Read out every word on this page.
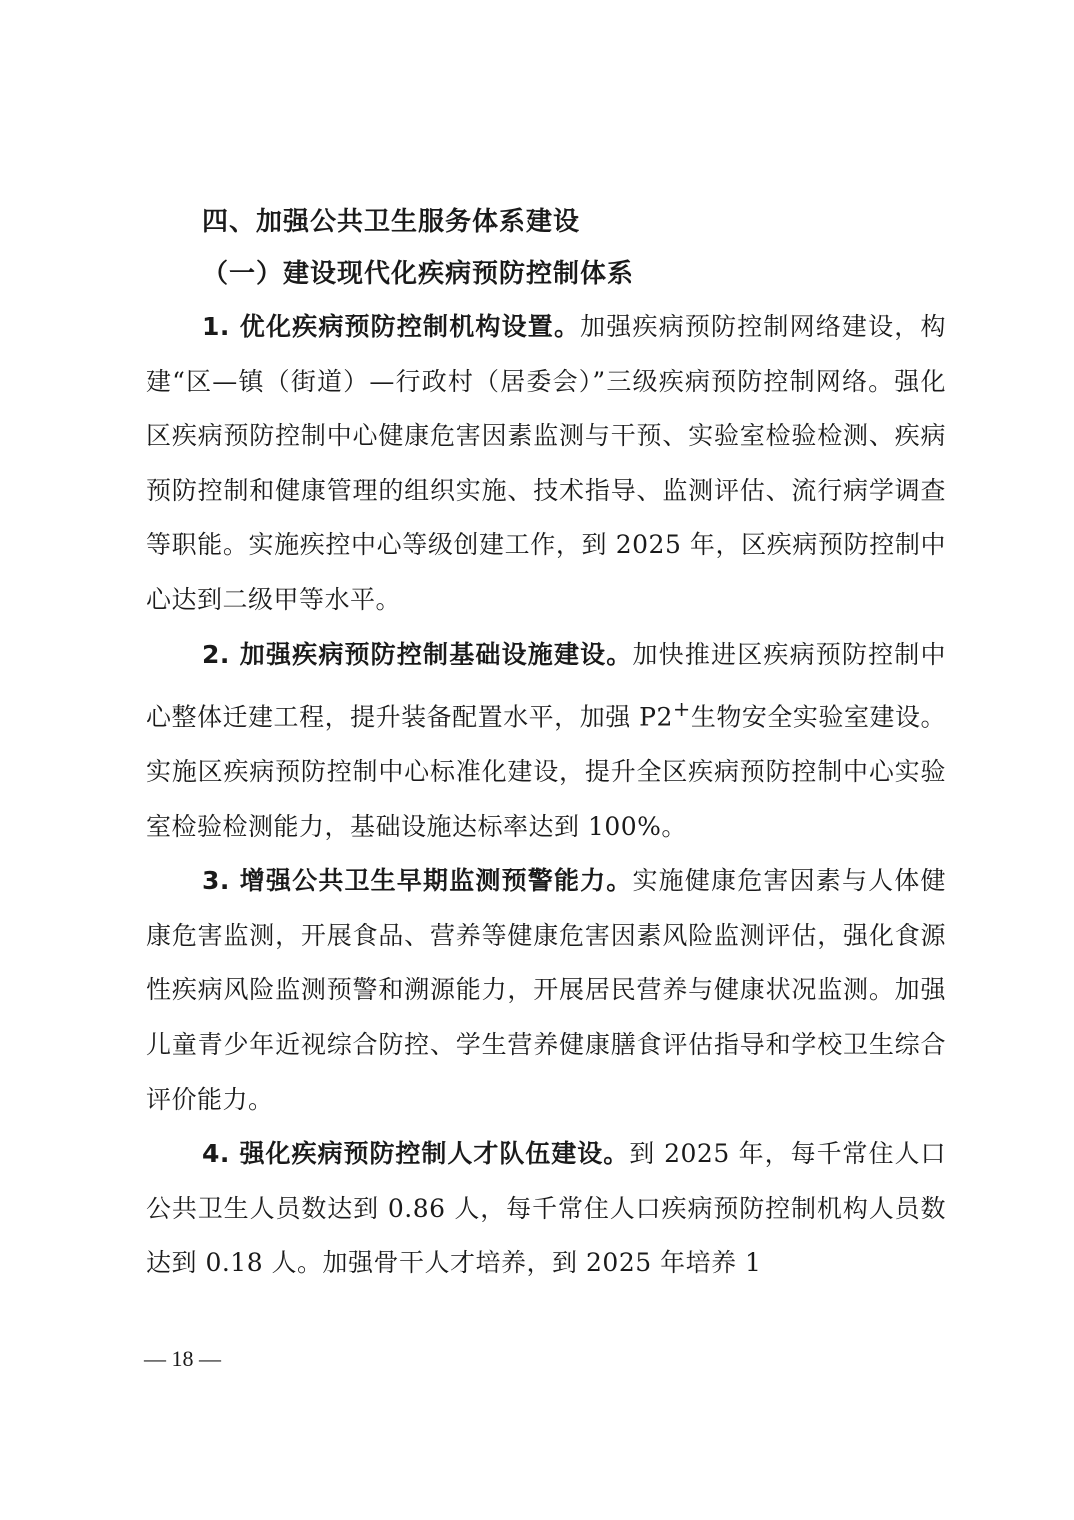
四、加强公共卫生服务体系建设
（一）建设现代化疾病预防控制体系

1. 优化疾病预防控制机构设置。加强疾病预防控制网络建设，构建“区—镇（街道）—行政村（居委会）”三级疾病预防控制网络。强化区疾病预防控制中心健康危害因素监测与干预、实验室检验检测、疾病预防控制和健康管理的组织实施、技术指导、监测评估、流行病学调查等职能。实施疾控中心等级创建工作，到 2025 年，区疾病预防控制中心达到二级甲等水平。

2. 加强疾病预防控制基础设施建设。加快推进区疾病预防控制中心整体迁建工程，提升装备配置水平，加强 P2+生物安全实验室建设。实施区疾病预防控制中心标准化建设，提升全区疾病预防控制中心实验室检验检测能力，基础设施达标率达到 100%。

3. 增强公共卫生早期监测预警能力。实施健康危害因素与人体健康危害监测，开展食品、营养等健康危害因素风险监测评估，强化食源性疾病风险监测预警和溯源能力，开展居民营养与健康状况监测。加强儿童青少年近视综合防控、学生营养健康膳食评估指导和学校卫生综合评价能力。

4. 强化疾病预防控制人才队伍建设。到 2025 年，每千常住人口公共卫生人员数达到 0.86 人，每千常住人口疾病预防控制机构人员数达到 0.18 人。加强骨干人才培养，到 2025 年培养 1

— 18 —
